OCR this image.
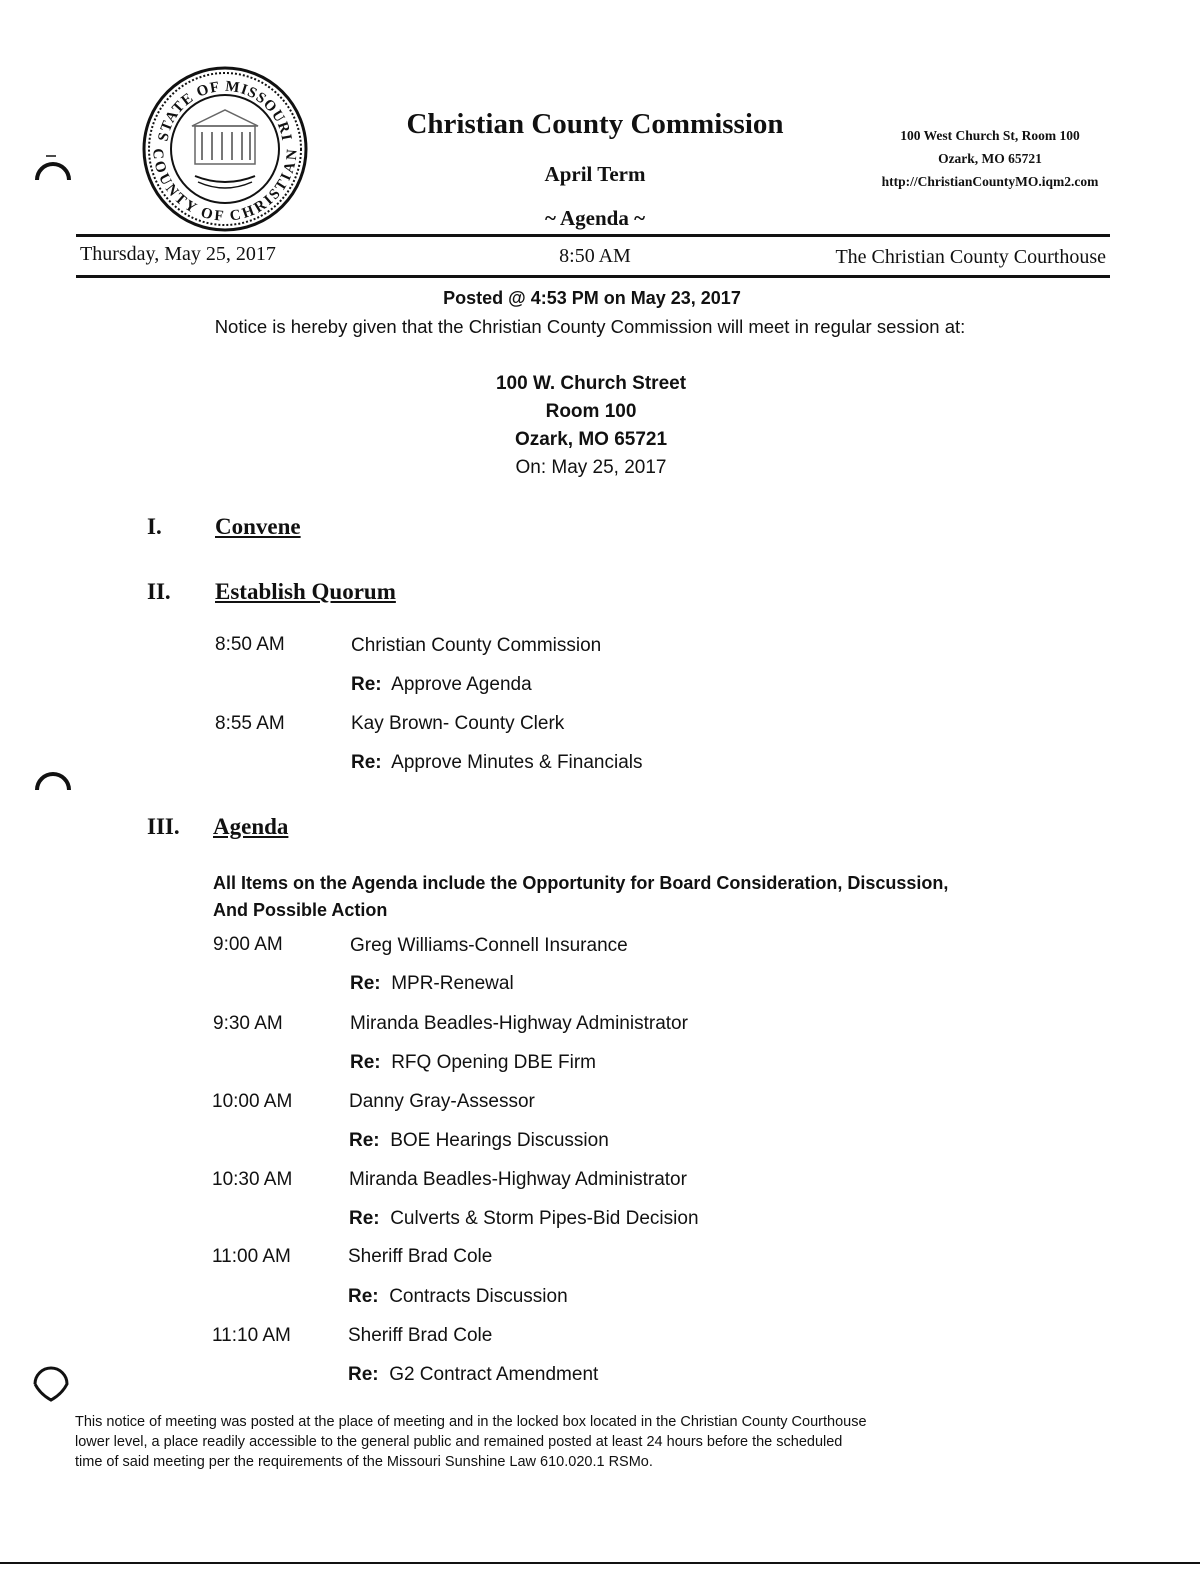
STATE OF MISSOURI
COUNTY OF CHRISTIAN
Christian County Commission
April Term
~ Agenda ~
100 West Church St, Room 100
Ozark, MO 65721
http://ChristianCountyMO.iqm2.com
Thursday, May 25, 2017	8:50 AM	The Christian County Courthouse
Posted @ 4:53 PM on May 23, 2017
Notice is hereby given that the Christian County Commission will meet in regular session at:
100 W. Church Street
Room 100
Ozark, MO 65721
On: May 25, 2017
I. Convene
II. Establish Quorum
8:50 AM	Christian County Commission
Re: Approve Agenda
8:55 AM	Kay Brown- County Clerk
Re: Approve Minutes & Financials
III. Agenda
All Items on the Agenda include the Opportunity for Board Consideration, Discussion,
And Possible Action
9:00 AM	Greg Williams-Connell Insurance
Re: MPR-Renewal
9:30 AM	Miranda Beadles-Highway Administrator
Re: RFQ Opening DBE Firm
10:00 AM	Danny Gray-Assessor
Re: BOE Hearings Discussion
10:30 AM	Miranda Beadles-Highway Administrator
Re: Culverts & Storm Pipes-Bid Decision
11:00 AM	Sheriff Brad Cole
Re: Contracts Discussion
11:10 AM	Sheriff Brad Cole
Re: G2 Contract Amendment
This notice of meeting was posted at the place of meeting and in the locked box located in the Christian County Courthouse
lower level, a place readily accessible to the general public and remained posted at least 24 hours before the scheduled
time of said meeting per the requirements of the Missouri Sunshine Law 610.020.1 RSMo.
